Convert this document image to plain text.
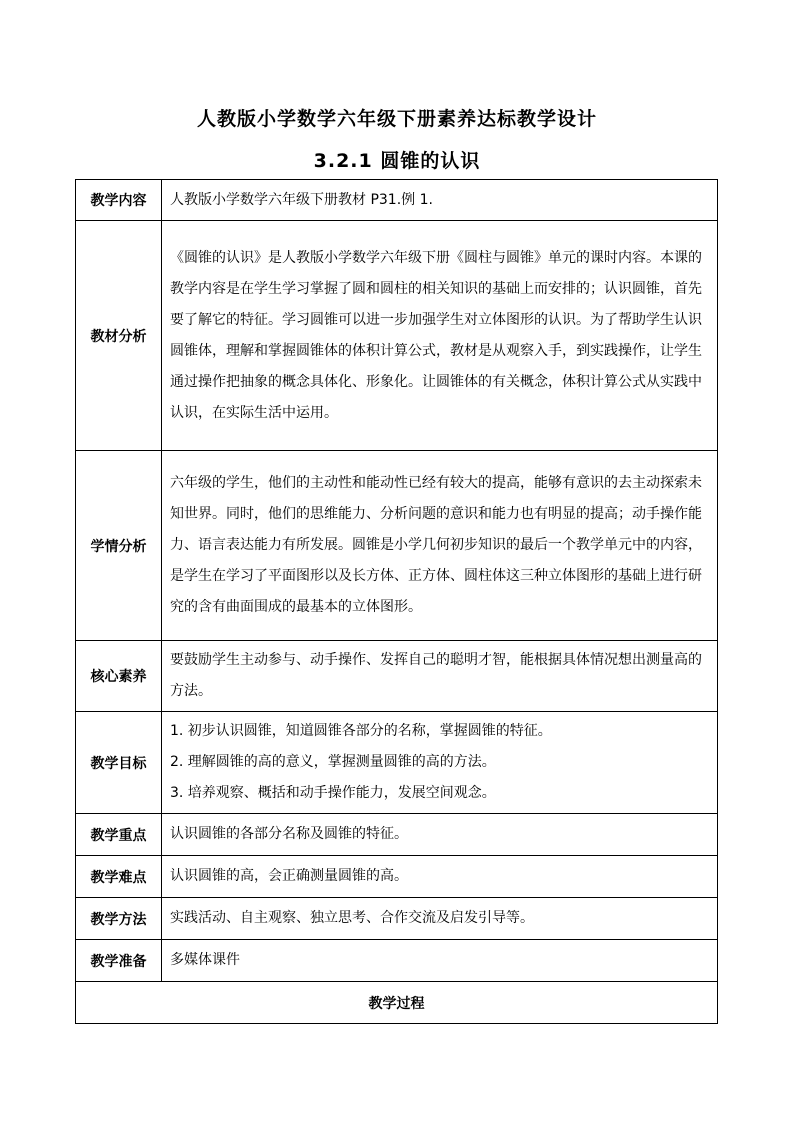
人教版小学数学六年级下册素养达标教学设计
3.2.1 圆锥的认识
教学内容	人教版小学数学六年级下册教材 P31.例 1.
教材分析	《圆锥的认识》是人教版小学数学六年级下册《圆柱与圆锥》单元的课时内容。本课的教学内容是在学生学习掌握了圆和圆柱的相关知识的基础上而安排的；认识圆锥，首先要了解它的特征。学习圆锥可以进一步加强学生对立体图形的认识。为了帮助学生认识圆锥体，理解和掌握圆锥体的体积计算公式，教材是从观察入手，到实践操作，让学生通过操作把抽象的概念具体化、形象化。让圆锥体的有关概念，体积计算公式从实践中认识，在实际生活中运用。
学情分析	六年级的学生，他们的主动性和能动性已经有较大的提高，能够有意识的去主动探索未知世界。同时，他们的思维能力、分析问题的意识和能力也有明显的提高；动手操作能力、语言表达能力有所发展。圆锥是小学几何初步知识的最后一个教学单元中的内容，是学生在学习了平面图形以及长方体、正方体、圆柱体这三种立体图形的基础上进行研究的含有曲面围成的最基本的立体图形。
核心素养	要鼓励学生主动参与、动手操作、发挥自己的聪明才智，能根据具体情况想出测量高的方法。
教学目标	1. 初步认识圆锥，知道圆锥各部分的名称，掌握圆锥的特征。
2. 理解圆锥的高的意义，掌握测量圆锥的高的方法。
3. 培养观察、概括和动手操作能力，发展空间观念。

教学重点	认识圆锥的各部分名称及圆锥的特征。
教学难点	认识圆锥的高，会正确测量圆锥的高。
教学方法	实践活动、自主观察、独立思考、合作交流及启发引导等。
教学准备	多媒体课件
教学过程	
